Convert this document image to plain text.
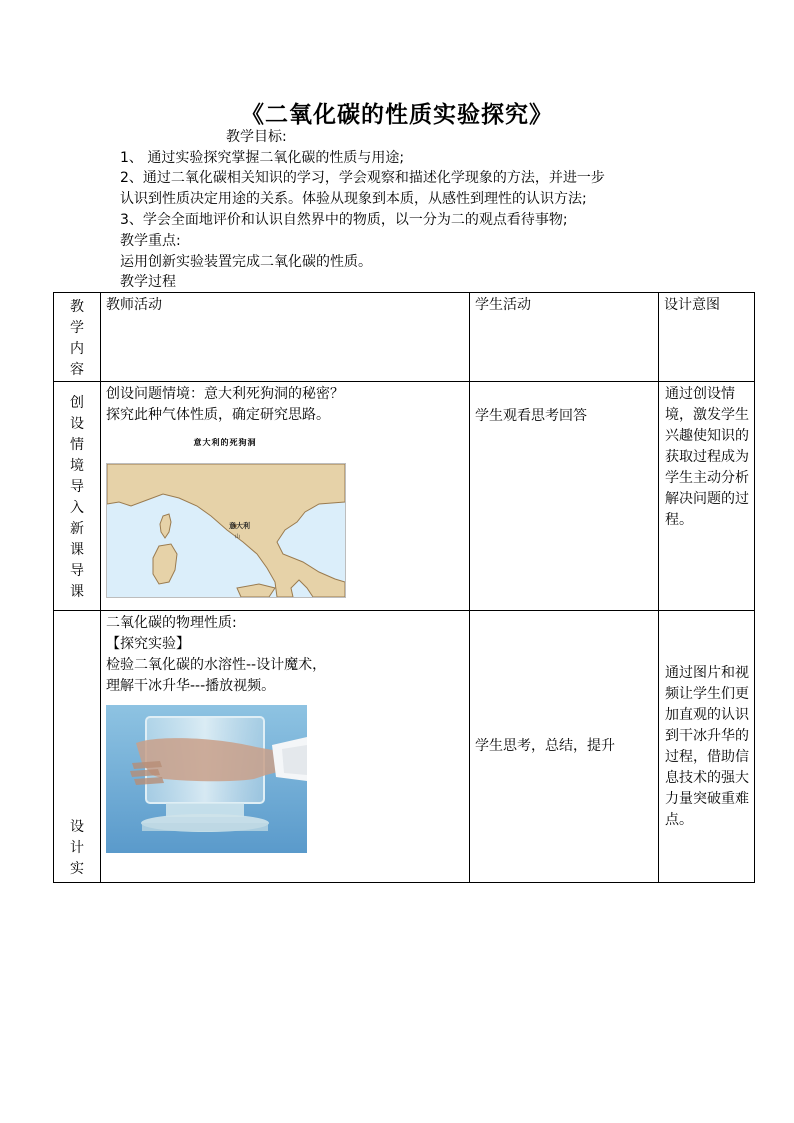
《二氧化碳的性质实验探究》
教学目标:
1、 通过实验探究掌握二氧化碳的性质与用途;
2、通过二氧化碳相关知识的学习，学会观察和描述化学现象的方法，并进一步
认识到性质决定用途的关系。体验从现象到本质，从感性到理性的认识方法;
3、学会全面地评价和认识自然界中的物质，以一分为二的观点看待事物;
教学重点:
运用创新实验装置完成二氧化碳的性质。
教学过程
教学内容	教师活动	学生活动	设计意图

创设情境导入新课导课	创设问题情境：意大利死狗洞的秘密？
探究此种气体性质，确定研究思路。
意大利的死狗洞
意大利
山	学生观看思考回答	通过创设情境，激发学生兴趣使知识的获取过程成为学生主动分析解决问题的过程。

设计实	二氧化碳的物理性质:
【探究实验】
检验二氧化碳的水溶性--设计魔术，
理解干冰升华---播放视频。	学生思考，总结，提升	通过图片和视频让学生们更加直观的认识到干冰升华的过程，借助信息技术的强大力量突破重难点。
